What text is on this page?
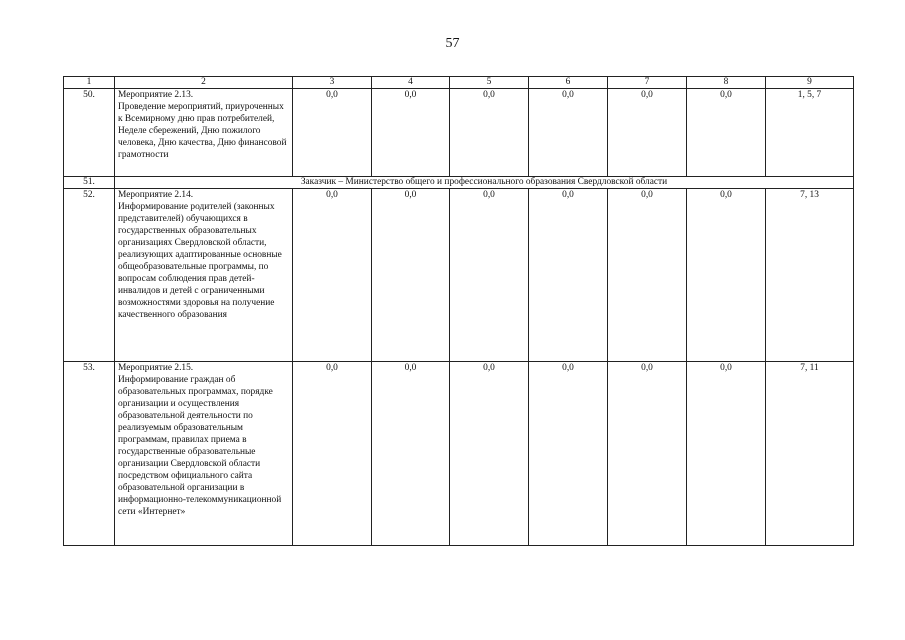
57
1	2	3	4	5	6	7	8	9
50.	Мероприятие 2.13.
Проведение мероприятий, приуроченных к Всемирному дню прав потребителей, Неделе сбережений, Дню пожилого человека, Дню качества, Дню финансовой грамотности	0,0	0,0	0,0	0,0	0,0	0,0	1, 5, 7
51.	Заказчик – Министерство общего и профессионального образования Свердловской области							
52.	Мероприятие 2.14.
Информирование родителей (законных представителей) обучающихся в государственных образовательных организациях Свердловской области, реализующих адаптированные основные общеобразовательные программы, по вопросам соблюдения прав детей-инвалидов и детей с ограниченными возможностями здоровья на получение качественного образования	0,0	0,0	0,0	0,0	0,0	0,0	7, 13
53.	Мероприятие 2.15.
Информирование граждан об образовательных программах, порядке организации и осуществления образовательной деятельности по реализуемым образовательным программам, правилах приема в государственные образовательные организации Свердловской области посредством официального сайта образовательной организации в информационно-телекоммуникационной сети «Интернет»	0,0	0,0	0,0	0,0	0,0	0,0	7, 11
